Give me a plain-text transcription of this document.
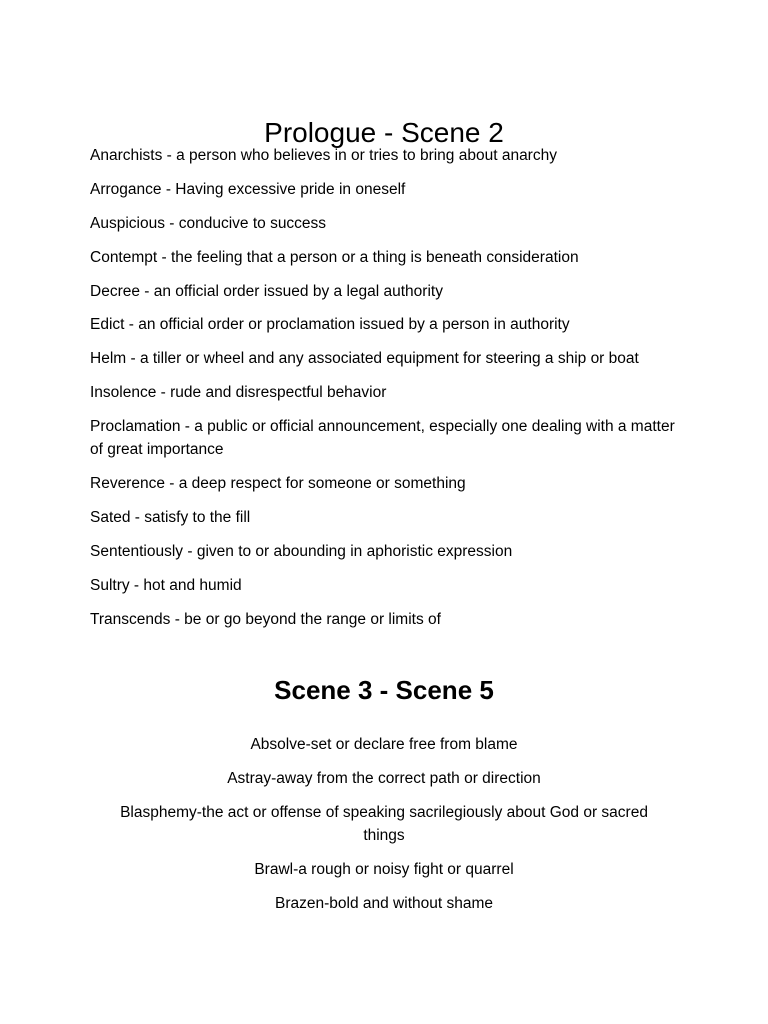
Prologue - Scene 2
Anarchists - a person who believes in or tries to bring about anarchy
Arrogance - Having excessive pride in oneself
Auspicious - conducive to success
Contempt - the feeling that a person or a thing is beneath consideration
Decree - an official order issued by a legal authority
Edict - an official order or proclamation issued by a person in authority
Helm - a tiller or wheel and any associated equipment for steering a ship or boat
Insolence - rude and disrespectful behavior
Proclamation - a public or official announcement, especially one dealing with a matter of great importance
Reverence - a deep respect for someone or something
Sated - satisfy to the fill
Sententiously - given to or abounding in aphoristic expression
Sultry - hot and humid
Transcends - be or go beyond the range or limits of
Scene 3 - Scene 5
Absolve-set or declare free from blame
Astray-away from the correct path or direction
Blasphemy-the act or offense of speaking sacrilegiously about God or sacred things
Brawl-a rough or noisy fight or quarrel
Brazen-bold and without shame
